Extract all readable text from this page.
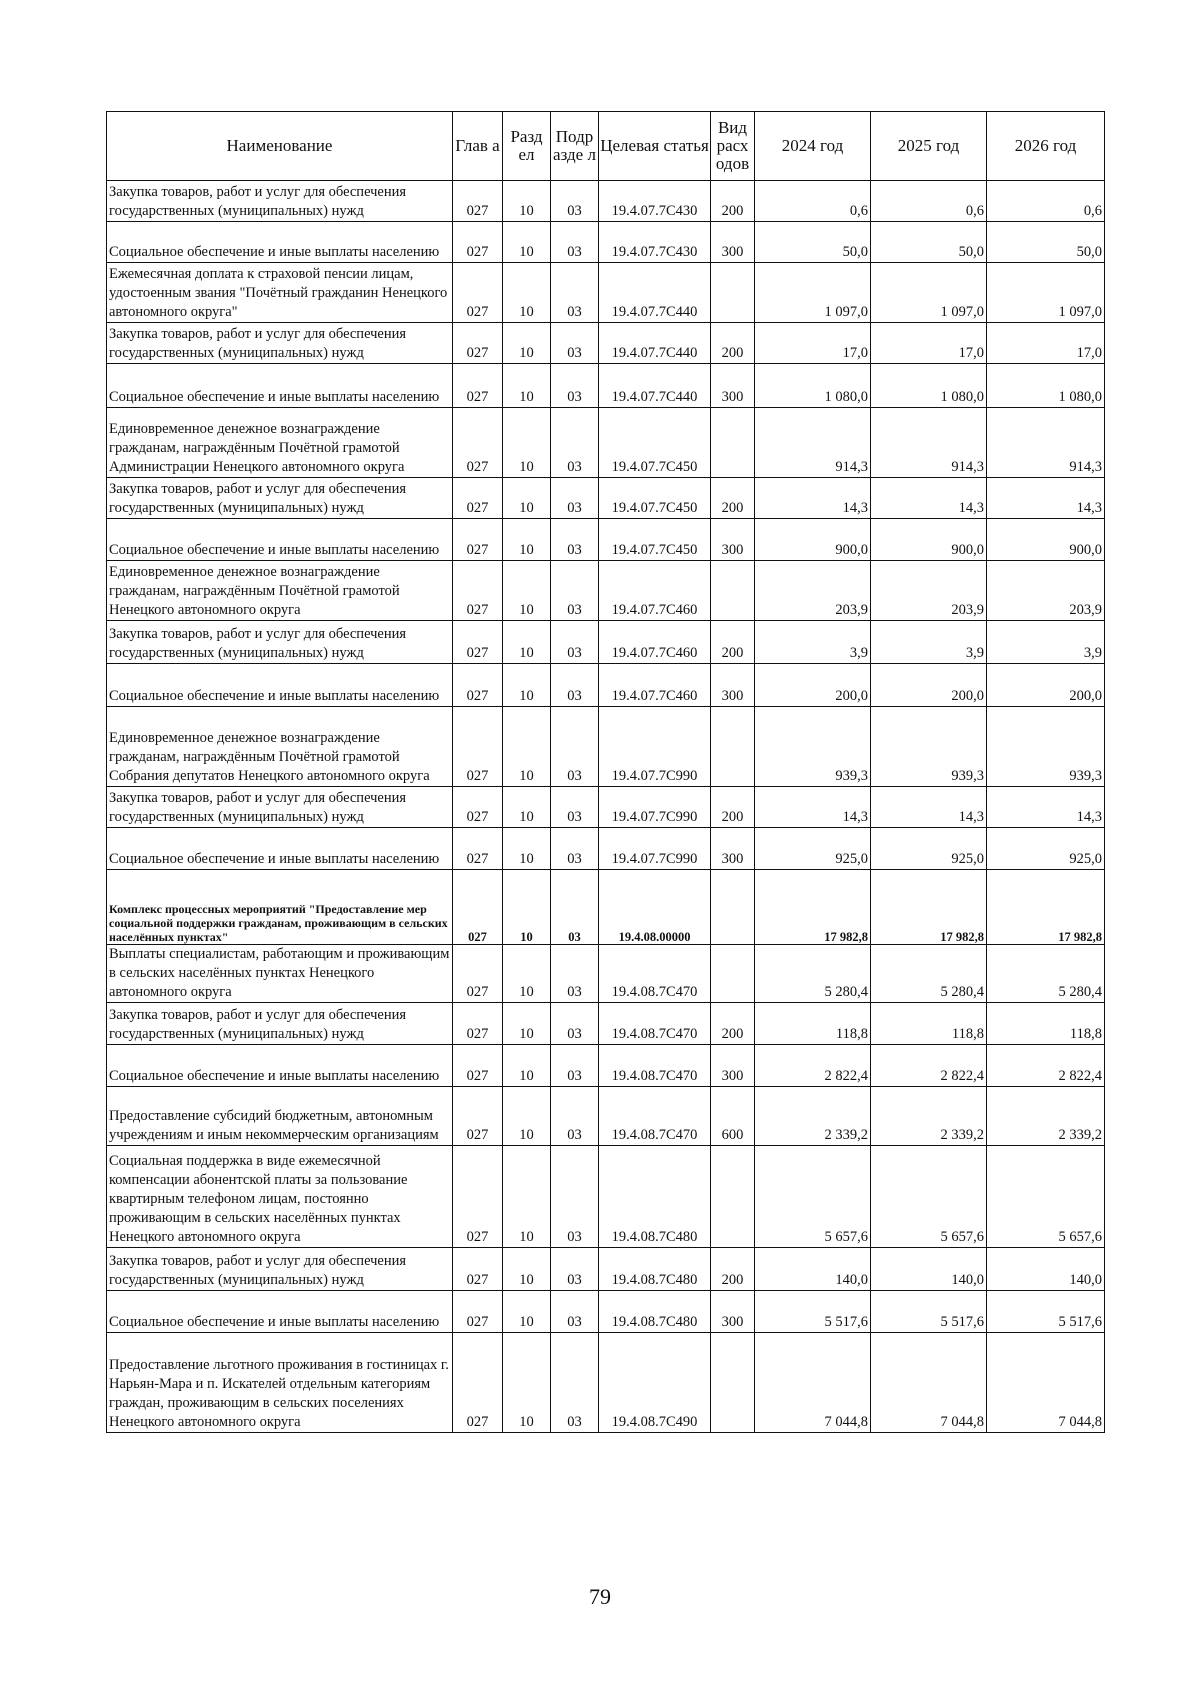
Наименование	Глав а	Разд ел	Подр азде л	Целевая статья	Вид расх одов	2024 год	2025 год	2026 год
Закупка товаров, работ и услуг для обеспечения государственных (муниципальных) нужд	027	10	03	19.4.07.7С430	200	0,6	0,6	0,6
Социальное обеспечение и иные выплаты населению	027	10	03	19.4.07.7С430	300	50,0	50,0	50,0
Ежемесячная доплата к страховой пенсии лицам, удостоенным звания "Почётный гражданин Ненецкого автономного округа"	027	10	03	19.4.07.7С440		1 097,0	1 097,0	1 097,0
Закупка товаров, работ и услуг для обеспечения государственных (муниципальных) нужд	027	10	03	19.4.07.7С440	200	17,0	17,0	17,0
Социальное обеспечение и иные выплаты населению	027	10	03	19.4.07.7С440	300	1 080,0	1 080,0	1 080,0
Единовременное денежное вознаграждение гражданам, награждённым Почётной грамотой Администрации Ненецкого автономного округа	027	10	03	19.4.07.7С450		914,3	914,3	914,3
Закупка товаров, работ и услуг для обеспечения государственных (муниципальных) нужд	027	10	03	19.4.07.7С450	200	14,3	14,3	14,3
Социальное обеспечение и иные выплаты населению	027	10	03	19.4.07.7С450	300	900,0	900,0	900,0
Единовременное денежное вознаграждение гражданам, награждённым Почётной грамотой Ненецкого автономного округа	027	10	03	19.4.07.7С460		203,9	203,9	203,9
Закупка товаров, работ и услуг для обеспечения государственных (муниципальных) нужд	027	10	03	19.4.07.7С460	200	3,9	3,9	3,9
Социальное обеспечение и иные выплаты населению	027	10	03	19.4.07.7С460	300	200,0	200,0	200,0
Единовременное денежное вознаграждение гражданам, награждённым Почётной грамотой Собрания депутатов Ненецкого автономного округа	027	10	03	19.4.07.7С990		939,3	939,3	939,3
Закупка товаров, работ и услуг для обеспечения государственных (муниципальных) нужд	027	10	03	19.4.07.7С990	200	14,3	14,3	14,3
Социальное обеспечение и иные выплаты населению	027	10	03	19.4.07.7С990	300	925,0	925,0	925,0
Комплекс процессных мероприятий "Предоставление мер социальной поддержки гражданам, проживающим в сельских населённых пунктах"	027	10	03	19.4.08.00000		17 982,8	17 982,8	17 982,8
Выплаты специалистам, работающим и проживающим в сельских населённых пунктах Ненецкого автономного округа	027	10	03	19.4.08.7С470		5 280,4	5 280,4	5 280,4
Закупка товаров, работ и услуг для обеспечения государственных (муниципальных) нужд	027	10	03	19.4.08.7С470	200	118,8	118,8	118,8
Социальное обеспечение и иные выплаты населению	027	10	03	19.4.08.7С470	300	2 822,4	2 822,4	2 822,4
Предоставление субсидий бюджетным, автономным учреждениям и иным некоммерческим организациям	027	10	03	19.4.08.7С470	600	2 339,2	2 339,2	2 339,2
Социальная поддержка в виде ежемесячной компенсации абонентской платы за пользование квартирным телефоном лицам, постоянно проживающим в сельских населённых пунктах Ненецкого автономного округа	027	10	03	19.4.08.7С480		5 657,6	5 657,6	5 657,6
Закупка товаров, работ и услуг для обеспечения государственных (муниципальных) нужд	027	10	03	19.4.08.7С480	200	140,0	140,0	140,0
Социальное обеспечение и иные выплаты населению	027	10	03	19.4.08.7С480	300	5 517,6	5 517,6	5 517,6
Предоставление льготного проживания в гостиницах г. Нарьян-Мара и п. Искателей отдельным категориям граждан, проживающим в сельских поселениях Ненецкого автономного округа	027	10	03	19.4.08.7С490		7 044,8	7 044,8	7 044,8
79
